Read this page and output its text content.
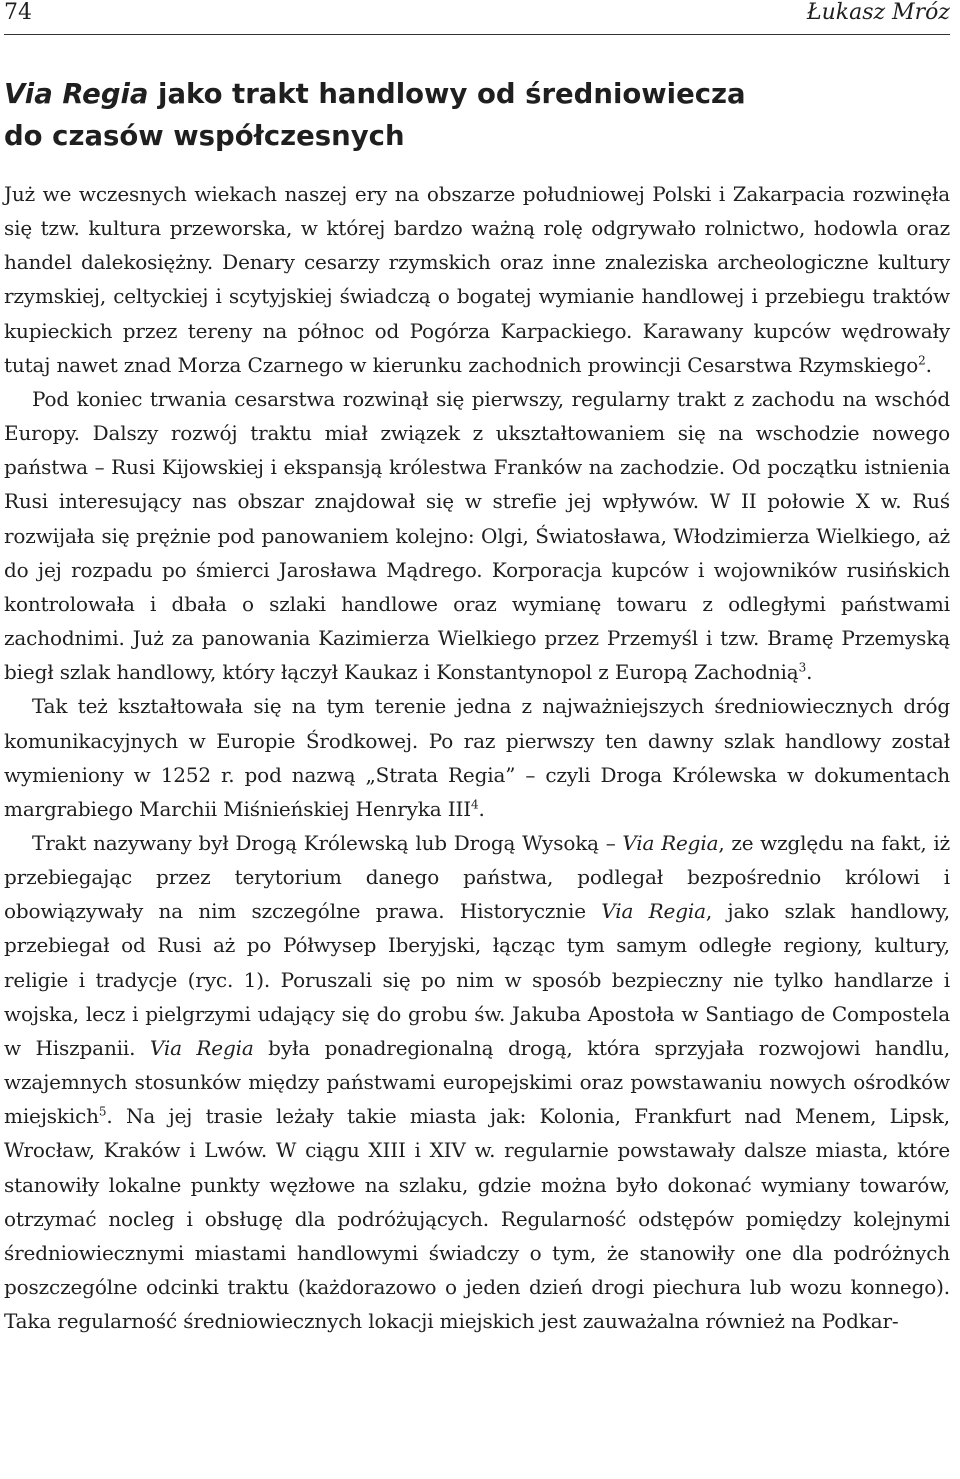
74	Łukasz Mróz
Via Regia jako trakt handlowy od średniowiecza
do czasów współczesnych

Już we wczesnych wiekach naszej ery na obszarze południowej Polski i Zakarpacia rozwinęła się tzw. kultura przeworska, w której bardzo ważną rolę odgrywało rolnictwo, hodowla oraz handel dalekosiężny. Denary cesarzy rzymskich oraz inne znaleziska archeologiczne kultury rzymskiej, celtyckiej i scytyjskiej świadczą o bogatej wymianie handlowej i przebiegu traktów kupieckich przez tereny na północ od Pogórza Karpackiego. Karawany kupców wędrowały tutaj nawet znad Morza Czarnego w kierunku zachodnich prowincji Cesarstwa Rzymskiego$^2$.

Pod koniec trwania cesarstwa rozwinął się pierwszy, regularny trakt z zachodu na wschód Europy. Dalszy rozwój traktu miał związek z ukształtowaniem się na wschodzie nowego państwa – Rusi Kijowskiej i ekspansją królestwa Franków na zachodzie. Od początku istnienia Rusi interesujący nas obszar znajdował się w strefie jej wpływów. W II połowie X w. Ruś rozwijała się prężnie pod panowaniem kolejno: Olgi, Światosława, Włodzimierza Wielkiego, aż do jej rozpadu po śmierci Jarosława Mądrego. Korporacja kupców i wojowników rusińskich kontrolowała i dbała o szlaki handlowe oraz wymianę towaru z odległymi państwami zachodnimi. Już za panowania Kazimierza Wielkiego przez Przemyśl i tzw. Bramę Przemyską biegł szlak handlowy, który łączył Kaukaz i Konstantynopol z Europą Zachodnią$^3$.

Tak też kształtowała się na tym terenie jedna z najważniejszych średniowiecznych dróg komunikacyjnych w Europie Środkowej. Po raz pierwszy ten dawny szlak handlowy został wymieniony w 1252 r. pod nazwą „Strata Regia” – czyli Droga Królewska w dokumentach margrabiego Marchii Miśnieńskiej Henryka III$^4$.

Trakt nazywany był Drogą Królewską lub Drogą Wysoką – Via Regia, ze względu na fakt, iż przebiegając przez terytorium danego państwa, podlegał bezpośrednio królowi i obowiązywały na nim szczególne prawa. Historycznie Via Regia, jako szlak handlowy, przebiegał od Rusi aż po Półwysep Iberyjski, łącząc tym samym odległe regiony, kultury, religie i tradycje (ryc. 1). Poruszali się po nim w sposób bezpieczny nie tylko handlarze i wojska, lecz i pielgrzymi udający się do grobu św. Jakuba Apostoła w Santiago de Compostela w Hiszpanii. Via Regia była ponadregionalną drogą, która sprzyjała rozwojowi handlu, wzajemnych stosunków między państwami europejskimi oraz powstawaniu nowych ośrodków miejskich$^5$. Na jej trasie leżały takie miasta jak: Kolonia, Frankfurt nad Menem, Lipsk, Wrocław, Kraków i Lwów. W ciągu XIII i XIV w. regularnie powstawały dalsze miasta, które stanowiły lokalne punkty węzłowe na szlaku, gdzie można było dokonać wymiany towarów, otrzymać nocleg i obsługę dla podróżujących. Regularność odstępów pomiędzy kolejnymi średniowiecznymi miastami handlowymi świadczy o tym, że stanowiły one dla podróżnych poszczególne odcinki traktu (każdorazowo o jeden dzień drogi piechura lub wozu konnego). Taka regularność średniowiecznych lokacji miejskich jest zauważalna również na Podkar-
